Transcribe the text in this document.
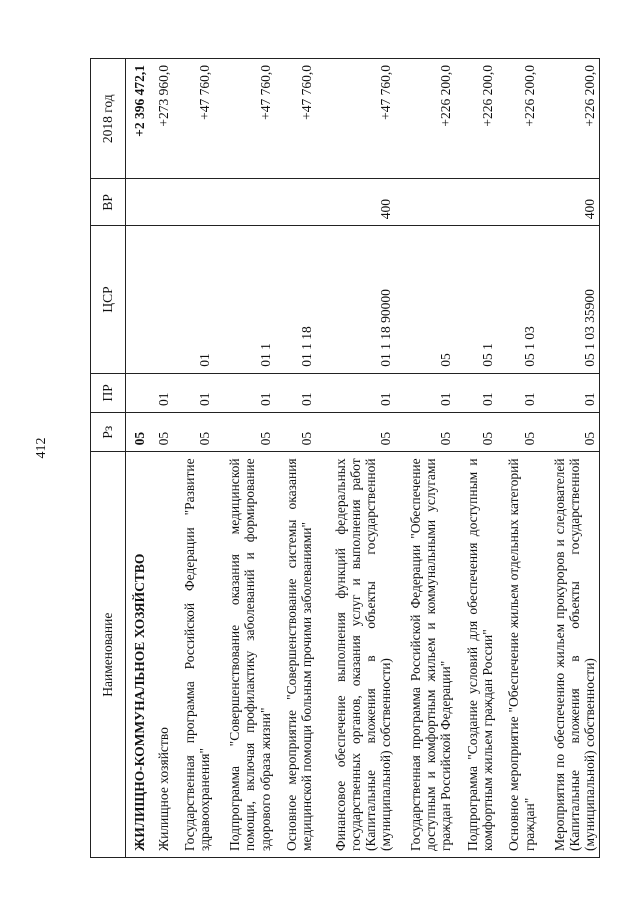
412
Наименование	Рз	ПР	ЦСР	ВР	2018 год
ЖИЛИЩНО-КОММУНАЛЬНОЕ ХОЗЯЙСТВО	05				+2 396 472,1
Жилищное хозяйство	05	01			+273 960,0
Государственная программа Российской Федерации "Развитие здравоохранения"	05	01	01		+47 760,0
Подпрограмма "Совершенствование оказания медицинской помощи, включая профилактику заболеваний и формирование здорового образа жизни"	05	01	01 1		+47 760,0
Основное мероприятие "Совершенствование системы оказания медицинской помощи больным прочими заболеваниями"	05	01	01 1 18		+47 760,0
Финансовое обеспечение выполнения функций федеральных государственных органов, оказания услуг и выполнения работ (Капитальные вложения в объекты государственной (муниципальной) собственности)	05	01	01 1 18 90000	400	+47 760,0
Государственная программа Российской Федерации "Обеспечение доступным и комфортным жильем и коммунальными услугами граждан Российской Федерации"	05	01	05		+226 200,0
Подпрограмма "Создание условий для обеспечения доступным и комфортным жильем граждан России"	05	01	05 1		+226 200,0
Основное мероприятие "Обеспечение жильем отдельных категорий граждан"	05	01	05 1 03		+226 200,0
Мероприятия по обеспечению жильем прокуроров и следователей (Капитальные вложения в объекты государственной (муниципальной) собственности)	05	01	05 1 03 35900	400	+226 200,0
